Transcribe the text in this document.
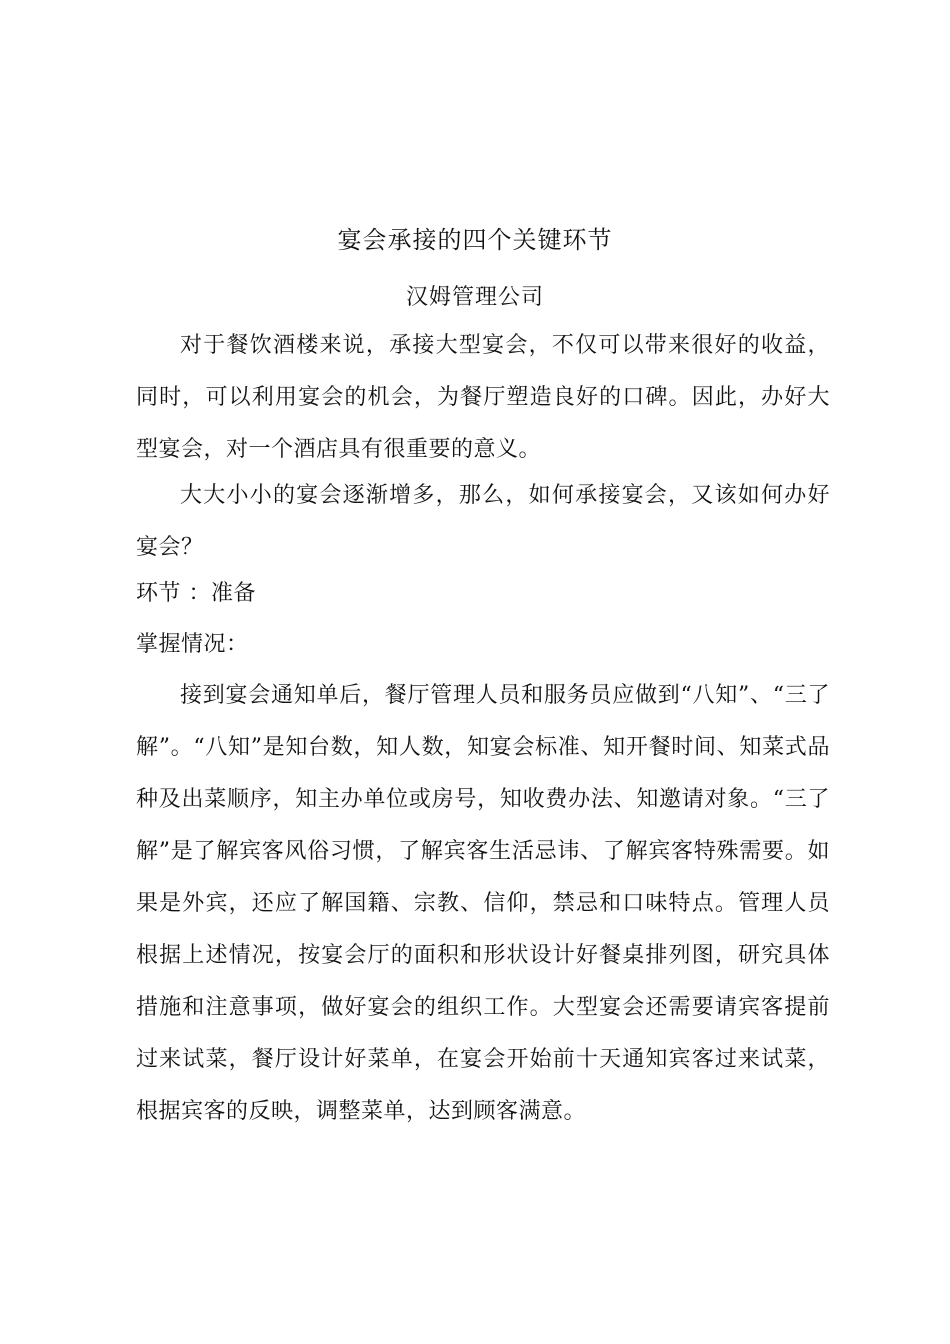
宴会承接的四个关键环节
汉姆管理公司
对于餐饮酒楼来说，承接大型宴会，不仅可以带来很好的收益，同时，可以利用宴会的机会，为餐厅塑造良好的口碑。因此，办好大型宴会，对一个酒店具有很重要的意义。
大大小小的宴会逐渐增多，那么，如何承接宴会，又该如何办好宴会？
环节 ：准备
掌握情况：
接到宴会通知单后，餐厅管理人员和服务员应做到“八知”、“三了解”。“八知”是知台数，知人数，知宴会标准、知开餐时间、知菜式品种及出菜顺序，知主办单位或房号，知收费办法、知邀请对象。“三了解”是了解宾客风俗习惯，了解宾客生活忌讳、了解宾客特殊需要。如果是外宾，还应了解国籍、宗教、信仰，禁忌和口味特点。管理人员根据上述情况，按宴会厅的面积和形状设计好餐桌排列图，研究具体措施和注意事项，做好宴会的组织工作。大型宴会还需要请宾客提前过来试菜，餐厅设计好菜单，在宴会开始前十天通知宾客过来试菜，根据宾客的反映，调整菜单，达到顾客满意。
